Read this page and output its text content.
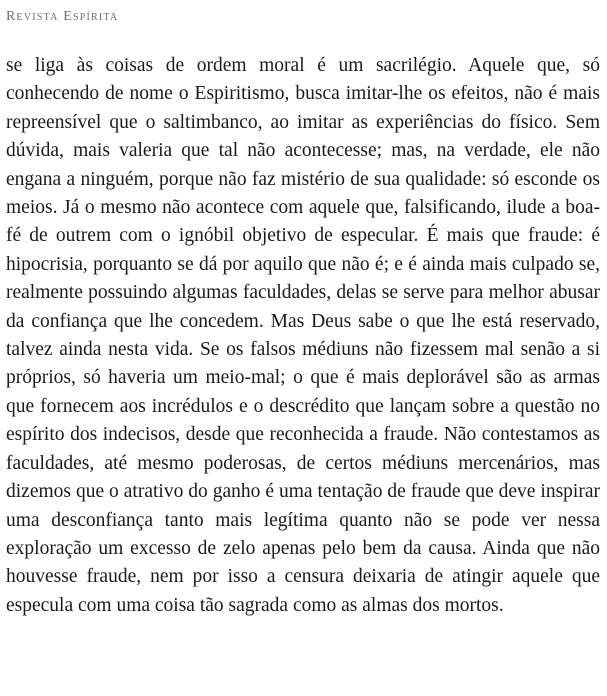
Revista Espírita

se liga às coisas de ordem moral é um sacrilégio. Aquele que, só conhecendo de nome o Espiritismo, busca imitar-lhe os efeitos, não é mais repreensível que o saltimbanco, ao imitar as experiências do físico. Sem dúvida, mais valeria que tal não acontecesse; mas, na verdade, ele não engana a ninguém, porque não faz mistério de sua qualidade: só esconde os meios. Já o mesmo não acontece com aquele que, falsificando, ilude a boa-fé de outrem com o ignóbil objetivo de especular. É mais que fraude: é hipocrisia, porquanto se dá por aquilo que não é; e é ainda mais culpado se, realmente possuindo algumas faculdades, delas se serve para melhor abusar da confiança que lhe concedem. Mas Deus sabe o que lhe está reservado, talvez ainda nesta vida. Se os falsos médiuns não fizessem mal senão a si próprios, só haveria um meio-mal; o que é mais deplorável são as armas que fornecem aos incrédulos e o descrédito que lançam sobre a questão no espírito dos indecisos, desde que reconhecida a fraude. Não contestamos as faculdades, até mesmo poderosas, de certos médiuns mercenários, mas dizemos que o atrativo do ganho é uma tentação de fraude que deve inspirar uma desconfiança tanto mais legítima quanto não se pode ver nessa exploração um excesso de zelo apenas pelo bem da causa. Ainda que não houvesse fraude, nem por isso a censura deixaria de atingir aquele que especula com uma coisa tão sagrada como as almas dos mortos.
